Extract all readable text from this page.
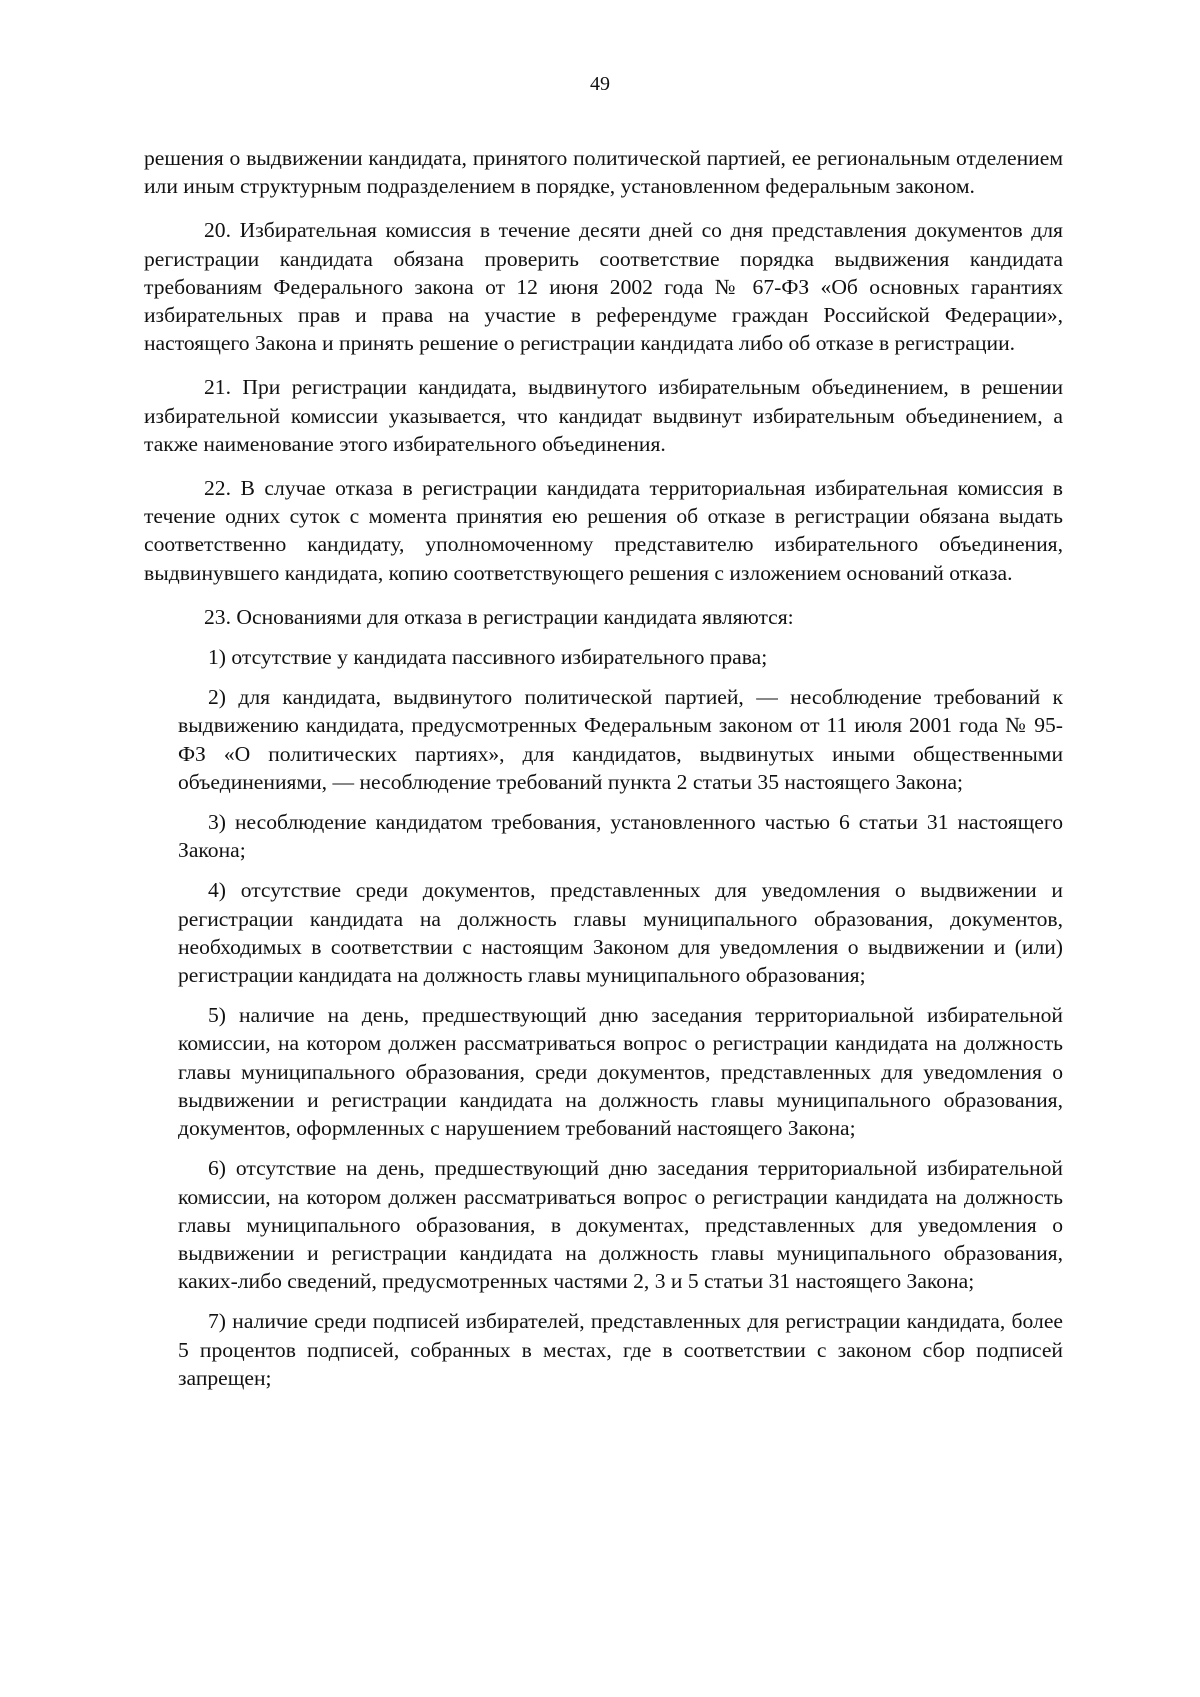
49

решения о выдвижении кандидата, принятого политической партией, ее региональным отделением или иным структурным подразделением в порядке, установленном федеральным законом.

20. Избирательная комиссия в течение десяти дней со дня представления документов для регистрации кандидата обязана проверить соответствие порядка выдвижения кандидата требованиям Федерального закона от 12 июня 2002 года № 67-ФЗ «Об основных гарантиях избирательных прав и права на участие в референдуме граждан Российской Федерации», настоящего Закона и принять решение о регистрации кандидата либо об отказе в регистрации.

21. При регистрации кандидата, выдвинутого избирательным объединением, в решении избирательной комиссии указывается, что кандидат выдвинут избирательным объединением, а также наименование этого избирательного объединения.

22. В случае отказа в регистрации кандидата территориальная избирательная комиссия в течение одних суток с момента принятия ею решения об отказе в регистрации обязана выдать соответственно кандидату, уполномоченному представителю избирательного объединения, выдвинувшего кандидата, копию соответствующего решения с изложением оснований отказа.

23. Основаниями для отказа в регистрации кандидата являются:

1) отсутствие у кандидата пассивного избирательного права;

2) для кандидата, выдвинутого политической партией, — несоблюдение требований к выдвижению кандидата, предусмотренных Федеральным законом от 11 июля 2001 года № 95-ФЗ «О политических партиях», для кандидатов, выдвинутых иными общественными объединениями, — несоблюдение требований пункта 2 статьи 35 настоящего Закона;

3) несоблюдение кандидатом требования, установленного частью 6 статьи 31 настоящего Закона;

4) отсутствие среди документов, представленных для уведомления о выдвижении и регистрации кандидата на должность главы муниципального образования, документов, необходимых в соответствии с настоящим Законом для уведомления о выдвижении и (или) регистрации кандидата на должность главы муниципального образования;

5) наличие на день, предшествующий дню заседания территориальной избирательной комиссии, на котором должен рассматриваться вопрос о регистрации кандидата на должность главы муниципального образования, среди документов, представленных для уведомления о выдвижении и регистрации кандидата на должность главы муниципального образования, документов, оформленных с нарушением требований настоящего Закона;

6) отсутствие на день, предшествующий дню заседания территориальной избирательной комиссии, на котором должен рассматриваться вопрос о регистрации кандидата на должность главы муниципального образования, в документах, представленных для уведомления о выдвижении и регистрации кандидата на должность главы муниципального образования, каких-либо сведений, предусмотренных частями 2, 3 и 5 статьи 31 настоящего Закона;

7) наличие среди подписей избирателей, представленных для регистрации кандидата, более 5 процентов подписей, собранных в местах, где в соответствии с законом сбор подписей запрещен;
